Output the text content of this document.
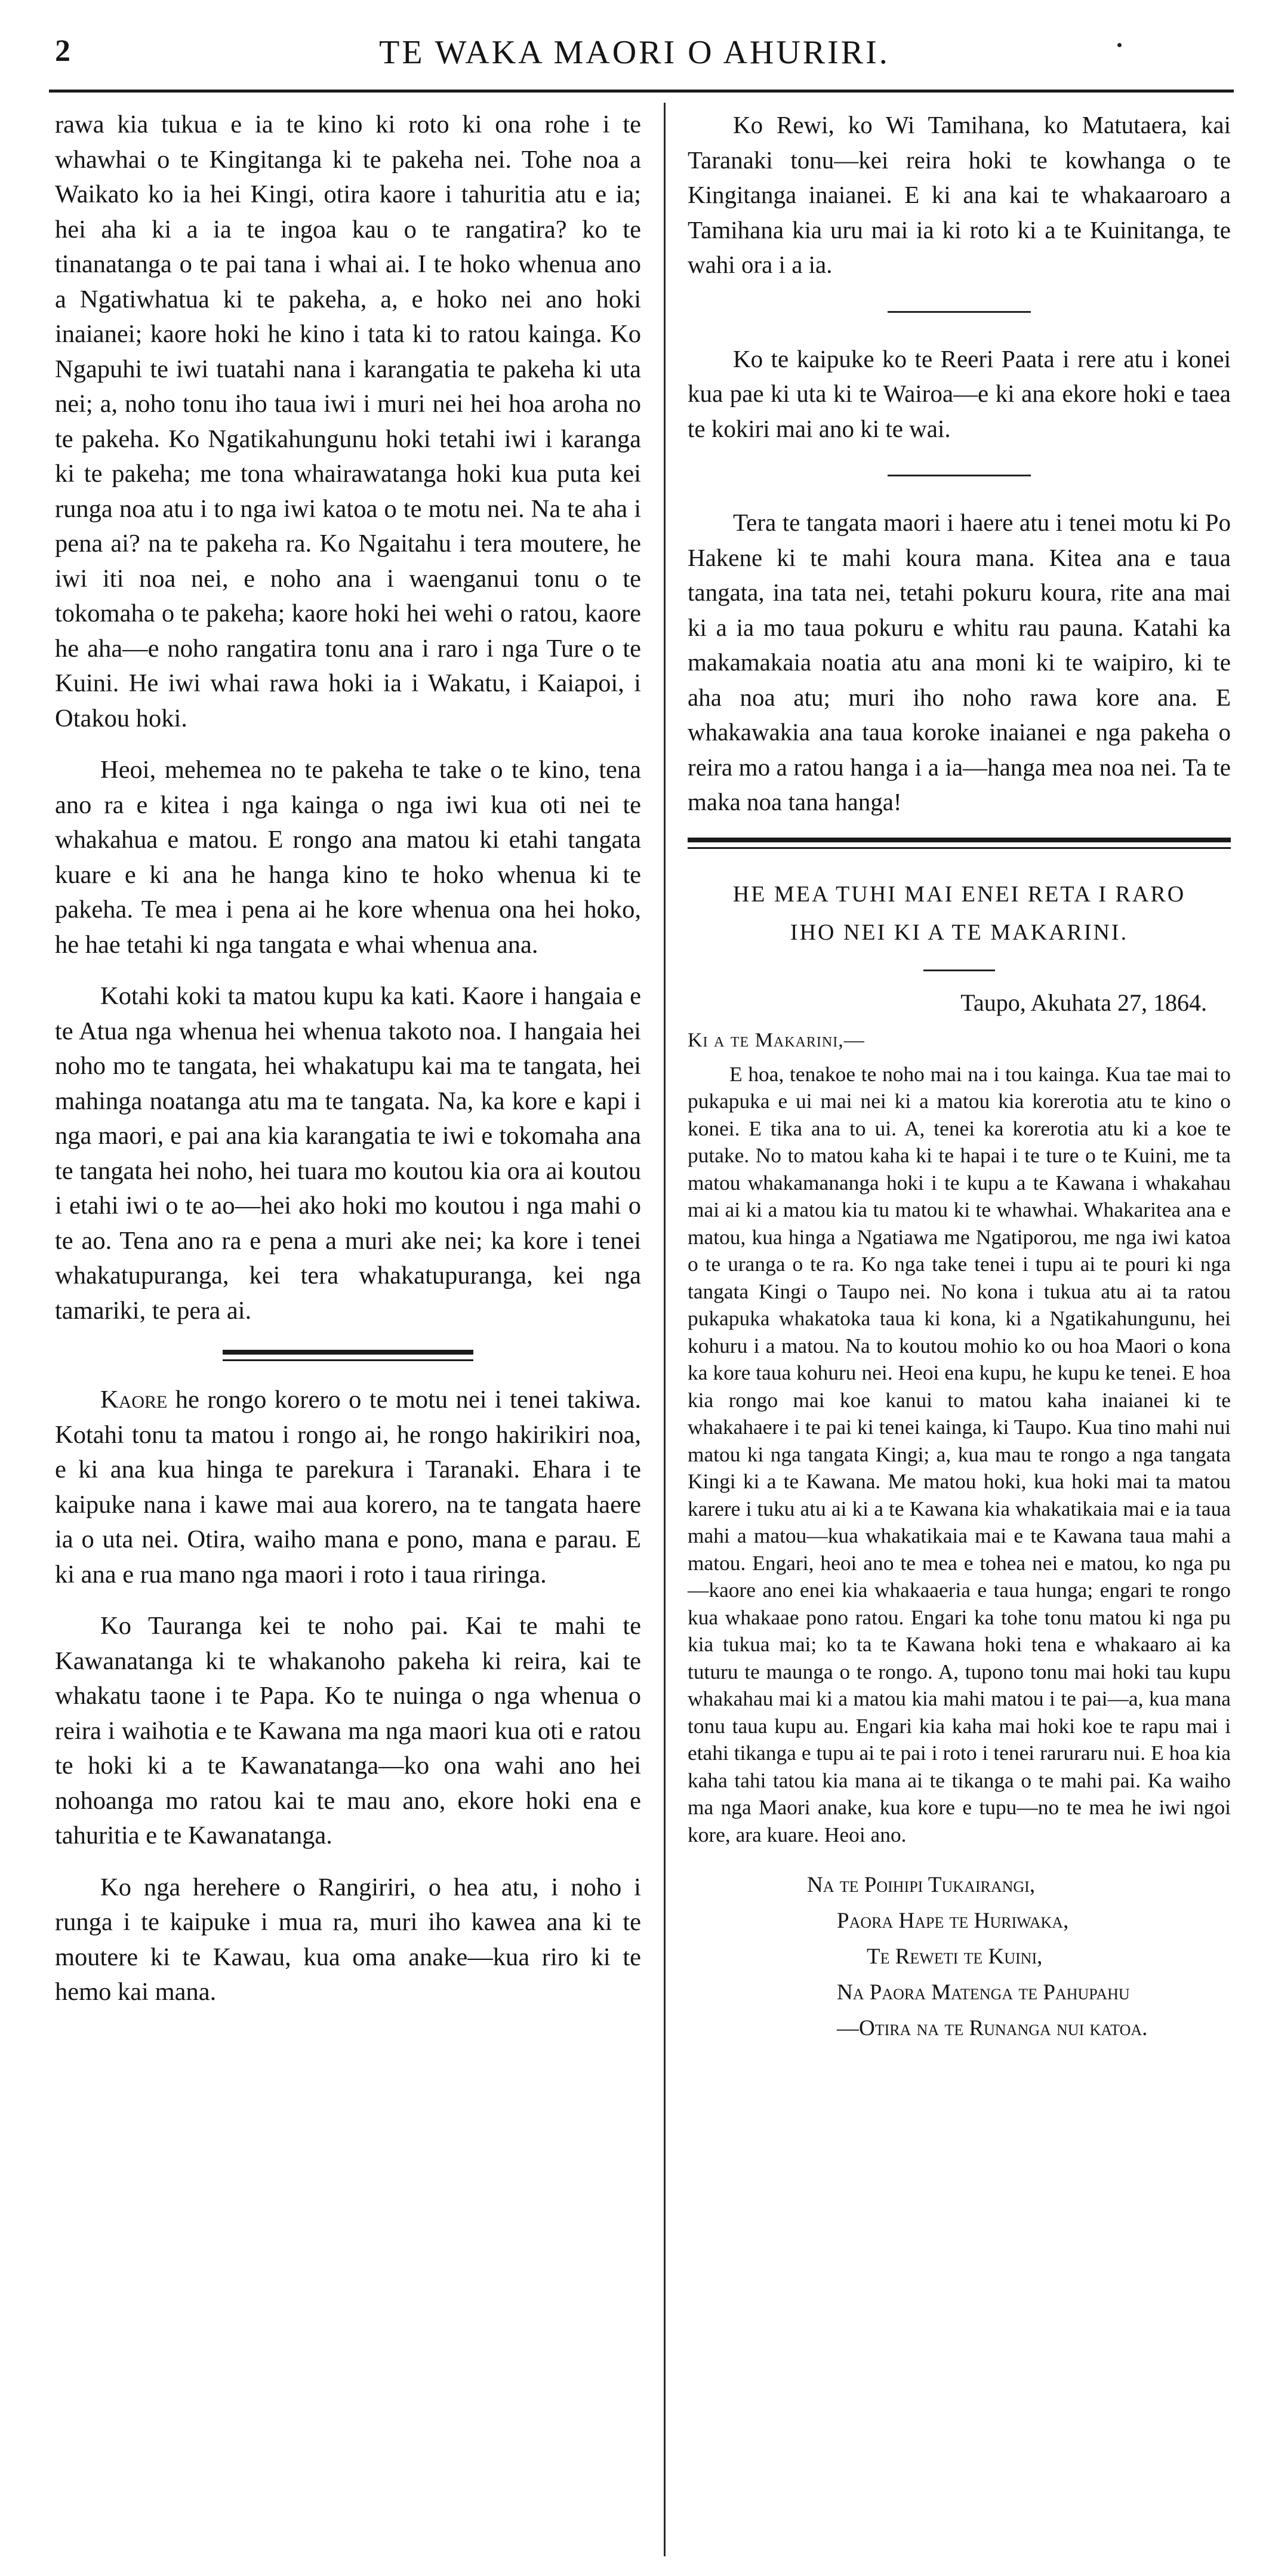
2	TE WAKA MAORI O AHURIRI.

rawa kia tukua e ia te kino ki roto ki ona rohe i te whawhai o te Kingitanga ki te pakeha nei. Tohe noa a Waikato ko ia hei Kingi, otira kaore i tahuritia atu e ia; hei aha ki a ia te ingoa kau o te rangatira? ko te tinanatanga o te pai tana i whai ai. I te hoko whenua ano a Ngatiwhatua ki te pakeha, a, e hoko nei ano hoki inaianei; kaore hoki he kino i tata ki to ratou kainga. Ko Ngapuhi te iwi tuatahi nana i karangatia te pakeha ki uta nei; a, noho tonu iho taua iwi i muri nei hei hoa aroha no te pakeha. Ko Ngatikahungunu hoki tetahi iwi i karanga ki te pakeha; me tona whairawatanga hoki kua puta kei runga noa atu i to nga iwi katoa o te motu nei. Na te aha i pena ai? na te pakeha ra. Ko Ngaitahu i tera moutere, he iwi iti noa nei, e noho ana i waenganui tonu o te tokomaha o te pakeha; kaore hoki hei wehi o ratou, kaore he aha—e noho rangatira tonu ana i raro i nga Ture o te Kuini. He iwi whai rawa hoki ia i Wakatu, i Kaiapoi, i Otakou hoki.

Heoi, mehemea no te pakeha te take o te kino, tena ano ra e kitea i nga kainga o nga iwi kua oti nei te whakahua e matou. E rongo ana matou ki etahi tangata kuare e ki ana he hanga kino te hoko whenua ki te pakeha. Te mea i pena ai he kore whenua ona hei hoko, he hae tetahi ki nga tangata e whai whenua ana.

Kotahi koki ta matou kupu ka kati. Kaore i hangaia e te Atua nga whenua hei whenua takoto noa. I hangaia hei noho mo te tangata, hei whakatupu kai ma te tangata, hei mahinga noatanga atu ma te tangata. Na, ka kore e kapi i nga maori, e pai ana kia karangatia te iwi e tokomaha ana te tangata hei noho, hei tuara mo koutou kia ora ai koutou i etahi iwi o te ao—hei ako hoki mo koutou i nga mahi o te ao. Tena ano ra e pena a muri ake nei; ka kore i tenei whakatupuranga, kei tera whakatupuranga, kei nga tamariki, te pera ai.

Kaore he rongo korero o te motu nei i tenei takiwa. Kotahi tonu ta matou i rongo ai, he rongo hakirikiri noa, e ki ana kua hinga te parekura i Taranaki. Ehara i te kaipuke nana i kawe mai aua korero, na te tangata haere ia o uta nei. Otira, waiho mana e pono, mana e parau. E ki ana e rua mano nga maori i roto i taua riringa.

Ko Tauranga kei te noho pai. Kai te mahi te Kawanatanga ki te whakanoho pakeha ki reira, kai te whakatu taone i te Papa. Ko te nuinga o nga whenua o reira i waihotia e te Kawana ma nga maori kua oti e ratou te hoki ki a te Kawanatanga—ko ona wahi ano hei nohoanga mo ratou kai te mau ano, ekore hoki ena e tahuritia e te Kawanatanga.

Ko nga herehere o Rangiriri, o hea atu, i noho i runga i te kaipuke i mua ra, muri iho kawea ana ki te moutere ki te Kawau, kua oma anake—kua riro ki te hemo kai mana.

Ko Rewi, ko Wi Tamihana, ko Matutaera, kai Taranaki tonu—kei reira hoki te kowhanga o te Kingitanga inaianei. E ki ana kai te whakaaroaro a Tamihana kia uru mai ia ki roto ki a te Kuinitanga, te wahi ora i a ia.

Ko te kaipuke ko te Reeri Paata i rere atu i konei kua pae ki uta ki te Wairoa—e ki ana ekore hoki e taea te kokiri mai ano ki te wai.

Tera te tangata maori i haere atu i tenei motu ki Po Hakene ki te mahi koura mana. Kitea ana e taua tangata, ina tata nei, tetahi pokuru koura, rite ana mai ki a ia mo taua pokuru e whitu rau pauna. Katahi ka makamakaia noatia atu ana moni ki te waipiro, ki te aha noa atu; muri iho noho rawa kore ana. E whakawakia ana taua koroke inaianei e nga pakeha o reira mo a ratou hanga i a ia—hanga mea noa nei. Ta te maka noa tana hanga!

HE MEA TUHI MAI ENEI RETA I RARO

IHO NEI KI A TE MAKARINI.

Taupo, Akuhata 27, 1864.

Ki a te Makarini,—

E hoa, tenakoe te noho mai na i tou kainga. Kua tae mai to pukapuka e ui mai nei ki a matou kia korerotia atu te kino o konei. E tika ana to ui. A, tenei ka korerotia atu ki a koe te putake. No to matou kaha ki te hapai i te ture o te Kuini, me ta matou whakamananga hoki i te kupu a te Kawana i whakahau mai ai ki a matou kia tu matou ki te whawhai. Whakaritea ana e matou, kua hinga a Ngatiawa me Ngatiporou, me nga iwi katoa o te uranga o te ra. Ko nga take tenei i tupu ai te pouri ki nga tangata Kingi o Taupo nei. No kona i tukua atu ai ta ratou pukapuka whakatoka taua ki kona, ki a Ngatikahungunu, hei kohuru i a matou. Na to koutou mohio ko ou hoa Maori o kona ka kore taua kohuru nei. Heoi ena kupu, he kupu ke tenei. E hoa kia rongo mai koe kanui to matou kaha inaianei ki te whakahaere i te pai ki tenei kainga, ki Taupo. Kua tino mahi nui matou ki nga tangata Kingi; a, kua mau te rongo a nga tangata Kingi ki a te Kawana. Me matou hoki, kua hoki mai ta matou karere i tuku atu ai ki a te Kawana kia whakatikaia mai e ia taua mahi a matou—kua whakatikaia mai e te Kawana taua mahi a matou. Engari, heoi ano te mea e tohea nei e matou, ko nga pu—kaore ano enei kia whakaaeria e taua hunga; engari te rongo kua whakaae pono ratou. Engari ka tohe tonu matou ki nga pu kia tukua mai; ko ta te Kawana hoki tena e whakaaro ai ka tuturu te maunga o te rongo. A, tupono tonu mai hoki tau kupu whakahau mai ki a matou kia mahi matou i te pai—a, kua mana tonu taua kupu au. Engari kia kaha mai hoki koe te rapu mai i etahi tikanga e tupu ai te pai i roto i tenei raruraru nui. E hoa kia kaha tahi tatou kia mana ai te tikanga o te mahi pai. Ka waiho ma nga Maori anake, kua kore e tupu—no te mea he iwi ngoi kore, ara kuare. Heoi ano.

Na te Poihipi Tukairangi,

Paora Hape te Huriwaka,

Te Reweti te Kuini,

Na Paora Matenga te Pahupahu

—Otira na te Runanga nui katoa.
